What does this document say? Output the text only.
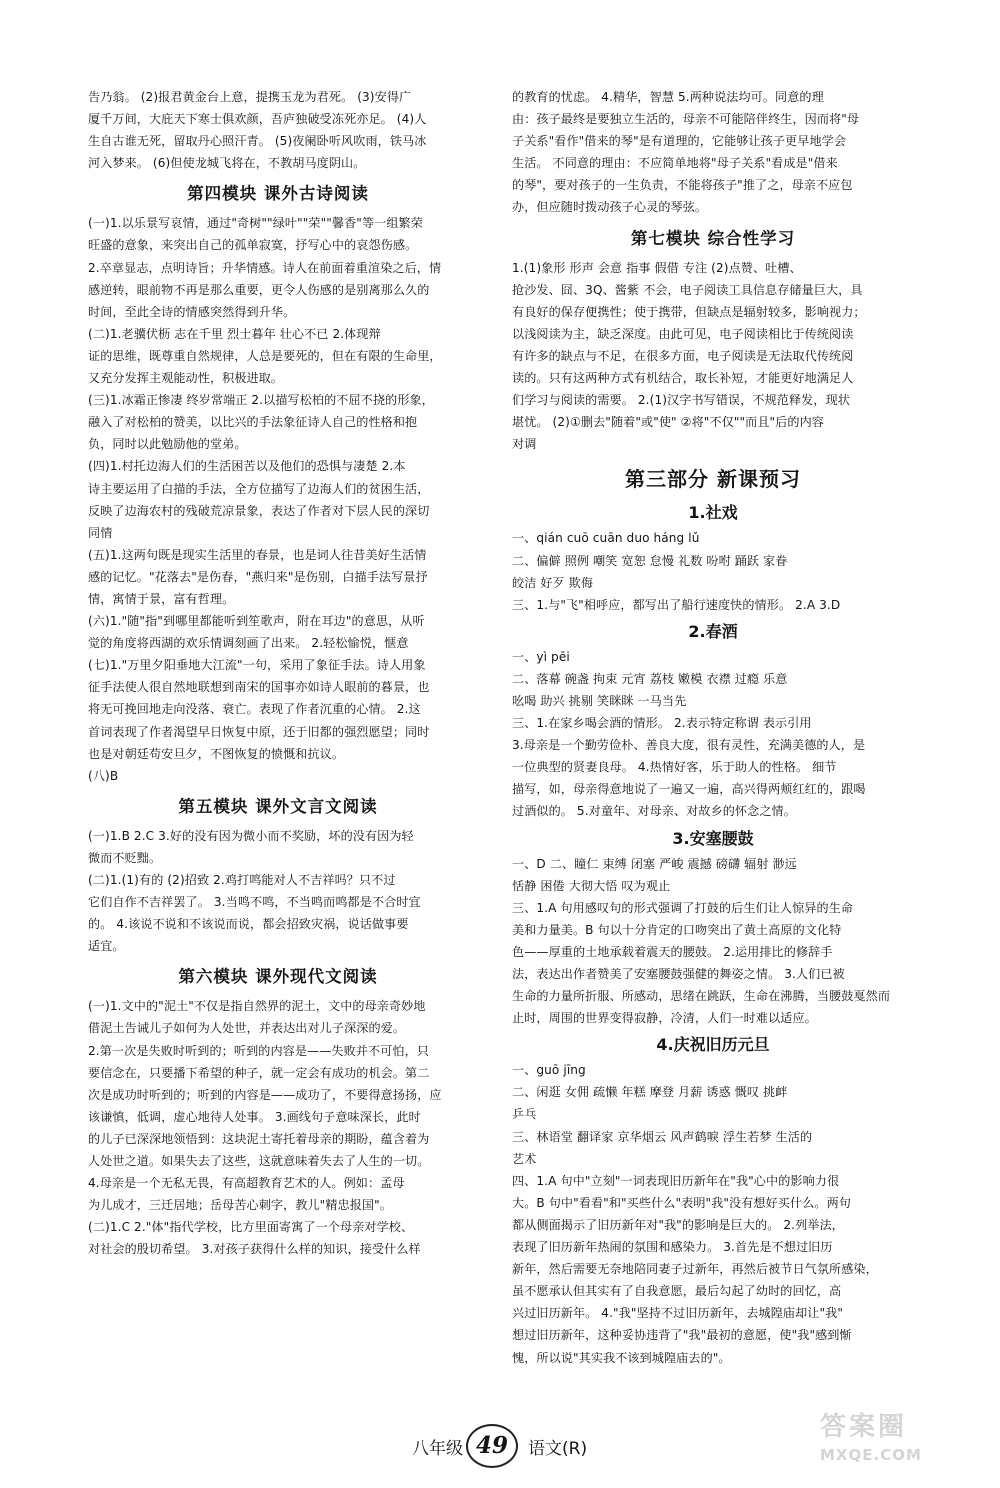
告乃翁。 (2)报君黄金台上意，提携玉龙为君死。 (3)安得广

厦千万间，大庇天下寒士俱欢颜，吾庐独破受冻死亦足。 (4)人

生自古谁无死，留取丹心照汗青。 (5)夜阑卧听风吹雨，铁马冰

河入梦来。 (6)但使龙城飞将在，不教胡马度阴山。

第四模块 课外古诗阅读

(一)1.以乐景写哀情，通过"奇树""绿叶""荣""馨香"等一组繁荣

旺盛的意象，来突出自己的孤单寂寞，抒写心中的哀怨伤感。

2.卒章显志，点明诗旨；升华情感。诗人在前面着重渲染之后，情

感逆转，眼前物不再是那么重要，更令人伤感的是别离那么久的

时间，至此全诗的情感突然得到升华。

(二)1.老骥伏枥 志在千里 烈士暮年 壮心不已 2.体现辩

证的思维，既尊重自然规律，人总是要死的，但在有限的生命里，

又充分发挥主观能动性，积极进取。

(三)1.冰霜正惨凄 终岁常端正 2.以描写松柏的不屈不挠的形象，

融入了对松柏的赞美，以比兴的手法象征诗人自己的性格和抱

负，同时以此勉励他的堂弟。

(四)1.村托边海人们的生活困苦以及他们的恐惧与凄楚 2.本

诗主要运用了白描的手法，全方位描写了边海人们的贫困生活，

反映了边海农村的残破荒凉景象，表达了作者对下层人民的深切

同情

(五)1.这两句既是现实生活里的春景，也是词人往昔美好生活情

感的记忆。"花落去"是伤春，"燕归来"是伤别，白描手法写景抒

情，寓情于景，富有哲理。

(六)1."随"指"到哪里都能听到笙歌声，附在耳边"的意思，从听

觉的角度将西湖的欢乐情调刻画了出来。 2.轻松愉悦，惬意

(七)1."万里夕阳垂地大江流"一句，采用了象征手法。诗人用象

征手法使人很自然地联想到南宋的国事亦如诗人眼前的暮景，也

将无可挽回地走向没落、衰亡。表现了作者沉重的心情。 2.这

首词表现了作者渴望早日恢复中原，还于旧都的强烈愿望；同时

也是对朝廷苟安旦夕，不图恢复的愤慨和抗议。

(八)B

第五模块 课外文言文阅读

(一)1.B 2.C 3.好的没有因为微小而不奖励，坏的没有因为轻

微而不贬黜。

(二)1.(1)有的 (2)招致 2.鸡打鸣能对人不吉祥吗？只不过

它们自作不吉祥罢了。 3.当鸣不鸣，不当鸣而鸣都是不合时宜

的。 4.该说不说和不该说而说，都会招致灾祸，说话做事要

适宜。

第六模块 课外现代文阅读

(一)1.文中的"泥土"不仅是指自然界的泥土，文中的母亲奇妙地

借泥土告诫儿子如何为人处世，并表达出对儿子深深的爱。

2.第一次是失败时听到的；听到的内容是——失败并不可怕，只

要信念在，只要播下希望的种子，就一定会有成功的机会。第二

次是成功时听到的；听到的内容是——成功了，不要得意扬扬，应

该谦慎，低调，虚心地待人处事。 3.画线句子意味深长，此时

的儿子已深深地领悟到：这块泥土寄托着母亲的期盼，蕴含着为

人处世之道。如果失去了这些，这就意味着失去了人生的一切。

4.母亲是一个无私无畏，有高超教育艺术的人。例如：孟母

为儿成才，三迁居地；岳母苦心刺字，教儿"精忠报国"。

(二)1.C 2."体"指代学校，比方里面寄寓了一个母亲对学校、

对社会的殷切希望。 3.对孩子获得什么样的知识，接受什么样

的教育的忧虑。 4.精华，智慧 5.两种说法均可。同意的理

由：孩子最终是要独立生活的，母亲不可能陪伴终生，因而将"母

子关系"看作"借来的琴"是有道理的，它能够让孩子更早地学会

生活。 不同意的理由：不应简单地将"母子关系"看成是"借来

的琴"，要对孩子的一生负责，不能将孩子"推了之，母亲不应包

办，但应随时拨动孩子心灵的琴弦。

第七模块 综合性学习

1.(1)象形 形声 会意 指事 假借 专注 (2)点赞、吐槽、

抢沙发、囧、3Q、酱紫 不会，电子阅读工具信息存储量巨大，具

有良好的保存便携性；使于携带，但缺点是辐射较多，影响视力；

以浅阅读为主，缺乏深度。由此可见，电子阅读相比于传统阅读

有许多的缺点与不足，在很多方面，电子阅读是无法取代传统阅

读的。只有这两种方式有机结合，取长补短，才能更好地满足人

们学习与阅读的需要。 2.(1)汉字书写错误，不规范释发，现状

堪忧。 (2)①删去"随着"或"使" ②将"不仅""而且"后的内容

对调

第三部分 新课预习
1.社戏

一、qián cuō cuān duo háng lǔ

二、偏僻 照例 嘲笑 宽恕 怠慢 礼数 吩咐 踊跃 家眷

皎洁 好歹 欺侮

三、1.与"飞"相呼应，都写出了船行速度快的情形。 2.A 3.D

2.春酒

一、yì pēi

二、落幕 碗盏 拘束 元宵 荔枝 嫩模 衣襟 过瘾 乐意

吆喝 助兴 挑剔 笑眯眯 一马当先

三、1.在家乡喝会酒的情形。 2.表示特定称谓 表示引用

3.母亲是一个勤劳俭朴、善良大度，很有灵性，充满美德的人，是

一位典型的贤妻良母。 4.热情好客，乐于助人的性格。 细节

描写，如，母亲得意地说了一遍又一遍，高兴得两颊红红的，跟喝

过酒似的。 5.对童年、对母亲、对故乡的怀念之情。

3.安塞腰鼓

一、D 二、瞳仁 束缚 闭塞 严峻 震撼 磅礴 辐射 渺远

恬静 困倦 大彻大悟 叹为观止

三、1.A 句用感叹句的形式强调了打鼓的后生们让人惊异的生命

美和力量美。B 句以十分肯定的口吻突出了黄土高原的文化特

色——厚重的土地承载着震天的腰鼓。 2.运用排比的修辞手

法，表达出作者赞美了安塞腰鼓强健的舞姿之情。 3.人们已被

生命的力量所折服、所感动，思绪在跳跃，生命在沸腾，当腰鼓戛然而

止时，周围的世界变得寂静，冷清，人们一时难以适应。

4.庆祝旧历元旦

一、guō jīng

二、闲逛 女佣 疏懒 年糕 摩登 月薪 诱惑 慨叹 挑衅

乒乓

三、林语堂 翻译家 京华烟云 风声鹤唳 浮生若梦 生活的

艺术

四、1.A 句中"立刻"一词表现旧历新年在"我"心中的影响力很

大。B 句中"看看"和"买些什么"表明"我"没有想好买什么。两句

都从侧面揭示了旧历新年对"我"的影响是巨大的。 2.列举法，

表现了旧历新年热闹的氛围和感染力。 3.首先是不想过旧历

新年，然后需要无奈地陪同妻子过新年，再然后被节日气氛所感染，

虽不愿承认但其实有了自我意愿，最后勾起了幼时的回忆，高

兴过旧历新年。 4."我"坚持不过旧历新年，去城隍庙却让"我"

想过旧历新年，这种妥协违背了"我"最初的意愿，使"我"感到惭

愧，所以说"其实我不该到城隍庙去的"。

八年级 49	语文(R)
答案圈
MXQE.COM
